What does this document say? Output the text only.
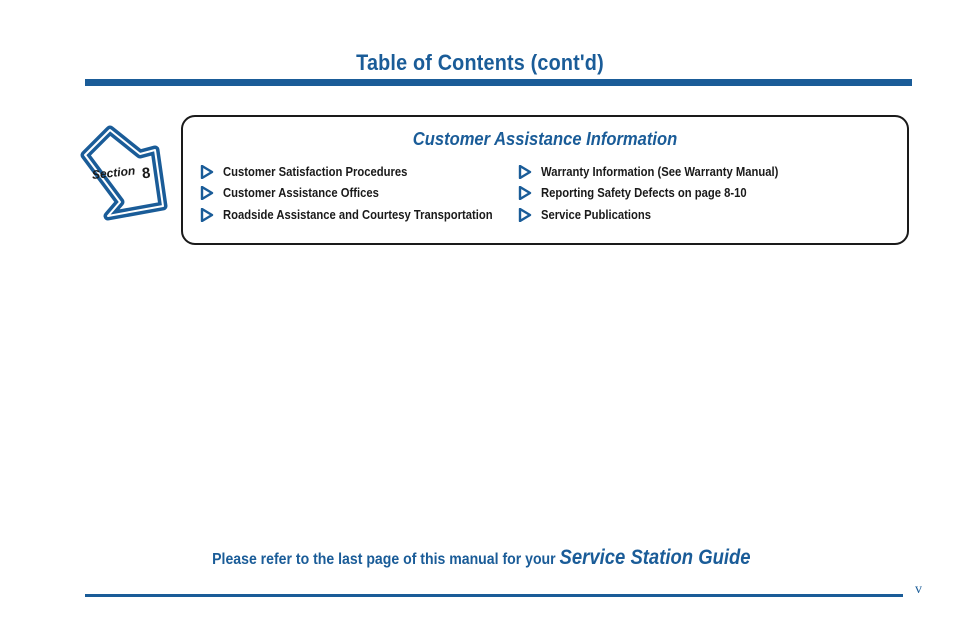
Table of Contents (cont'd)
Section 8
Customer Assistance Information
Customer Satisfaction Procedures
Customer Assistance Offices
Roadside Assistance and Courtesy Transportation
Warranty Information (See Warranty Manual)
Reporting Safety Defects on page 8-10
Service Publications
Please refer to the last page of this manual for your Service Station Guide
v
